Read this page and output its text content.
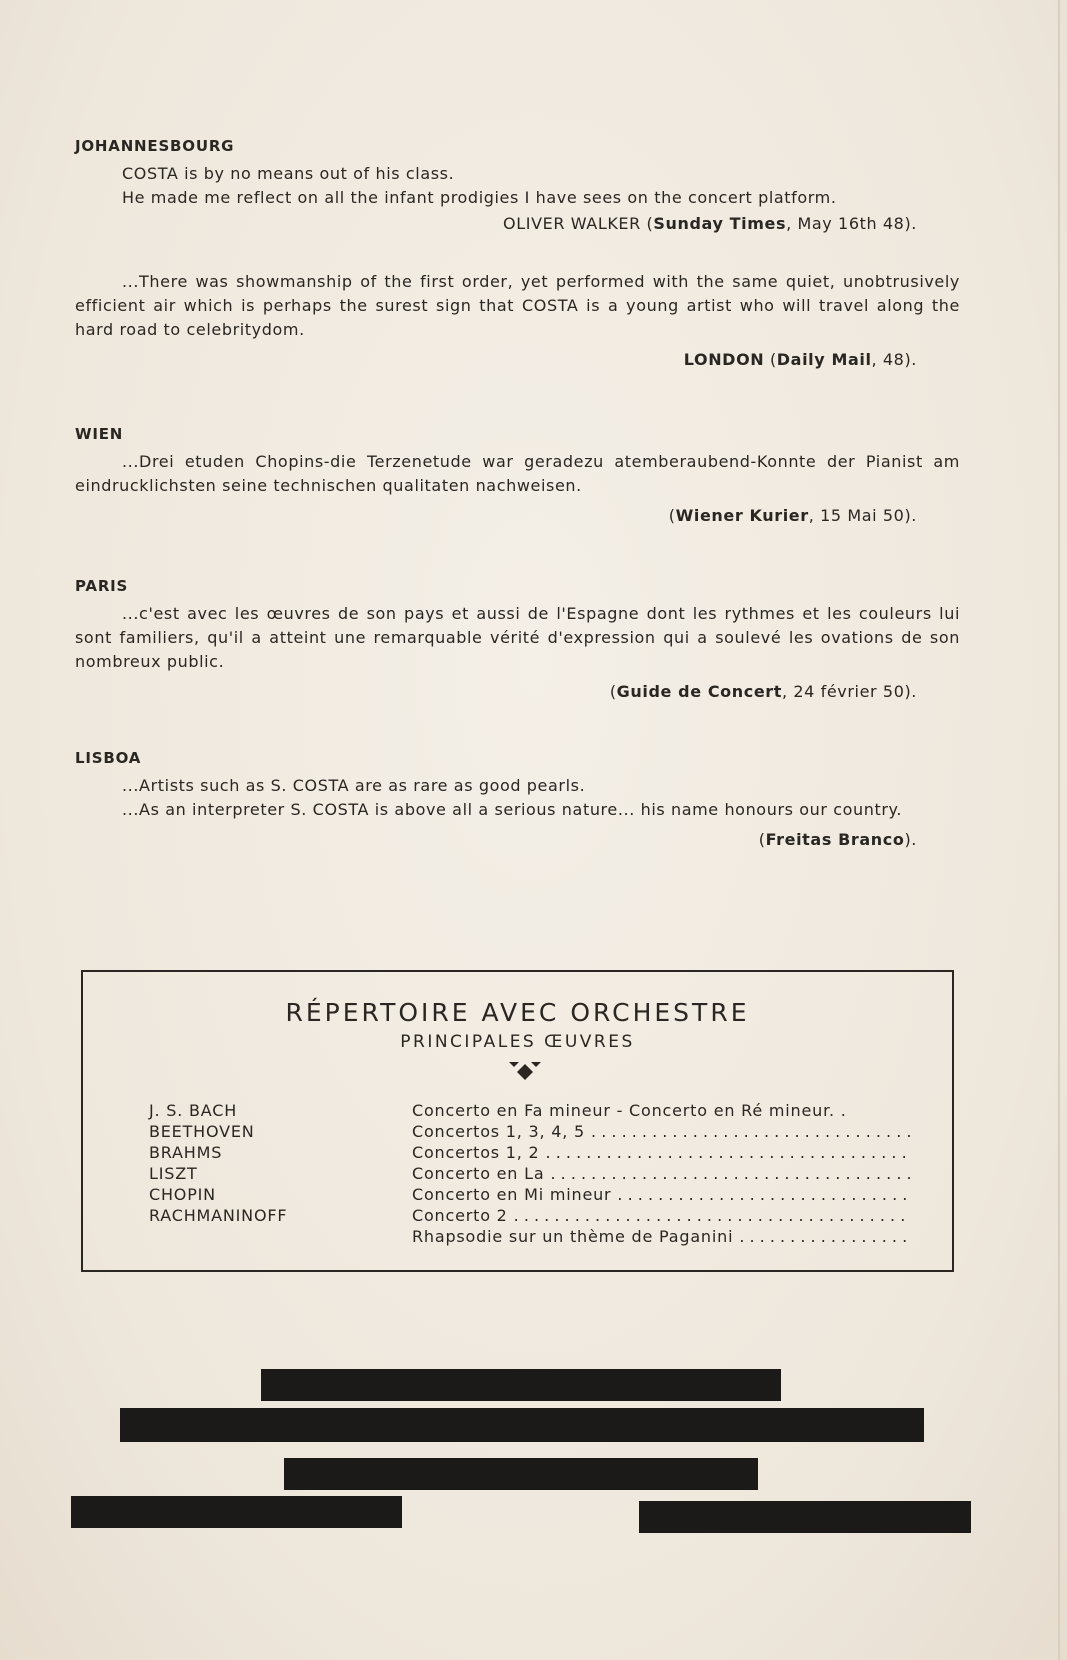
JOHANNESBOURG

COSTA is by no means out of his class.

He made me reflect on all the infant prodigies I have sees on the concert platform.

OLIVER WALKER (Sunday Times, May 16th 48).

...There was showmanship of the first order, yet performed with the same quiet, unobtrusively efficient air which is perhaps the surest sign that COSTA is a young artist who will travel along the hard road to celebritydom.

LONDON (Daily Mail, 48).
WIEN

...Drei etuden Chopins-die Terzenetude war geradezu atemberaubend-Konnte der Pianist am eindrucklichsten seine technischen qualitaten nachweisen.

(Wiener Kurier, 15 Mai 50).
PARIS

...c'est avec les œuvres de son pays et aussi de l'Espagne dont les rythmes et les couleurs lui sont familiers, qu'il a atteint une remarquable vérité d'expression qui a soulevé les ovations de son nombreux public.

(Guide de Concert, 24 février 50).
LISBOA

...Artists such as S. COSTA are as rare as good pearls.

...As an interpreter S. COSTA is above all a serious nature... his name honours our country.

(Freitas Branco).
RÉPERTOIRE AVEC ORCHESTRE
PRINCIPALES ŒUVRES
J. S. BACH
BEETHOVEN
BRAHMS
LISZT
CHOPIN
RACHMANINOFF
Concerto en Fa mineur - Concerto en Ré mineur. .
Concertos 1, 3, 4, 5
. . .
Concertos 1, 2
. . .
Concerto en La
. . .
Concerto en Mi mineur
. . .
Concerto 2
. . .
Rhapsodie sur un thème de Paganini
. . .
